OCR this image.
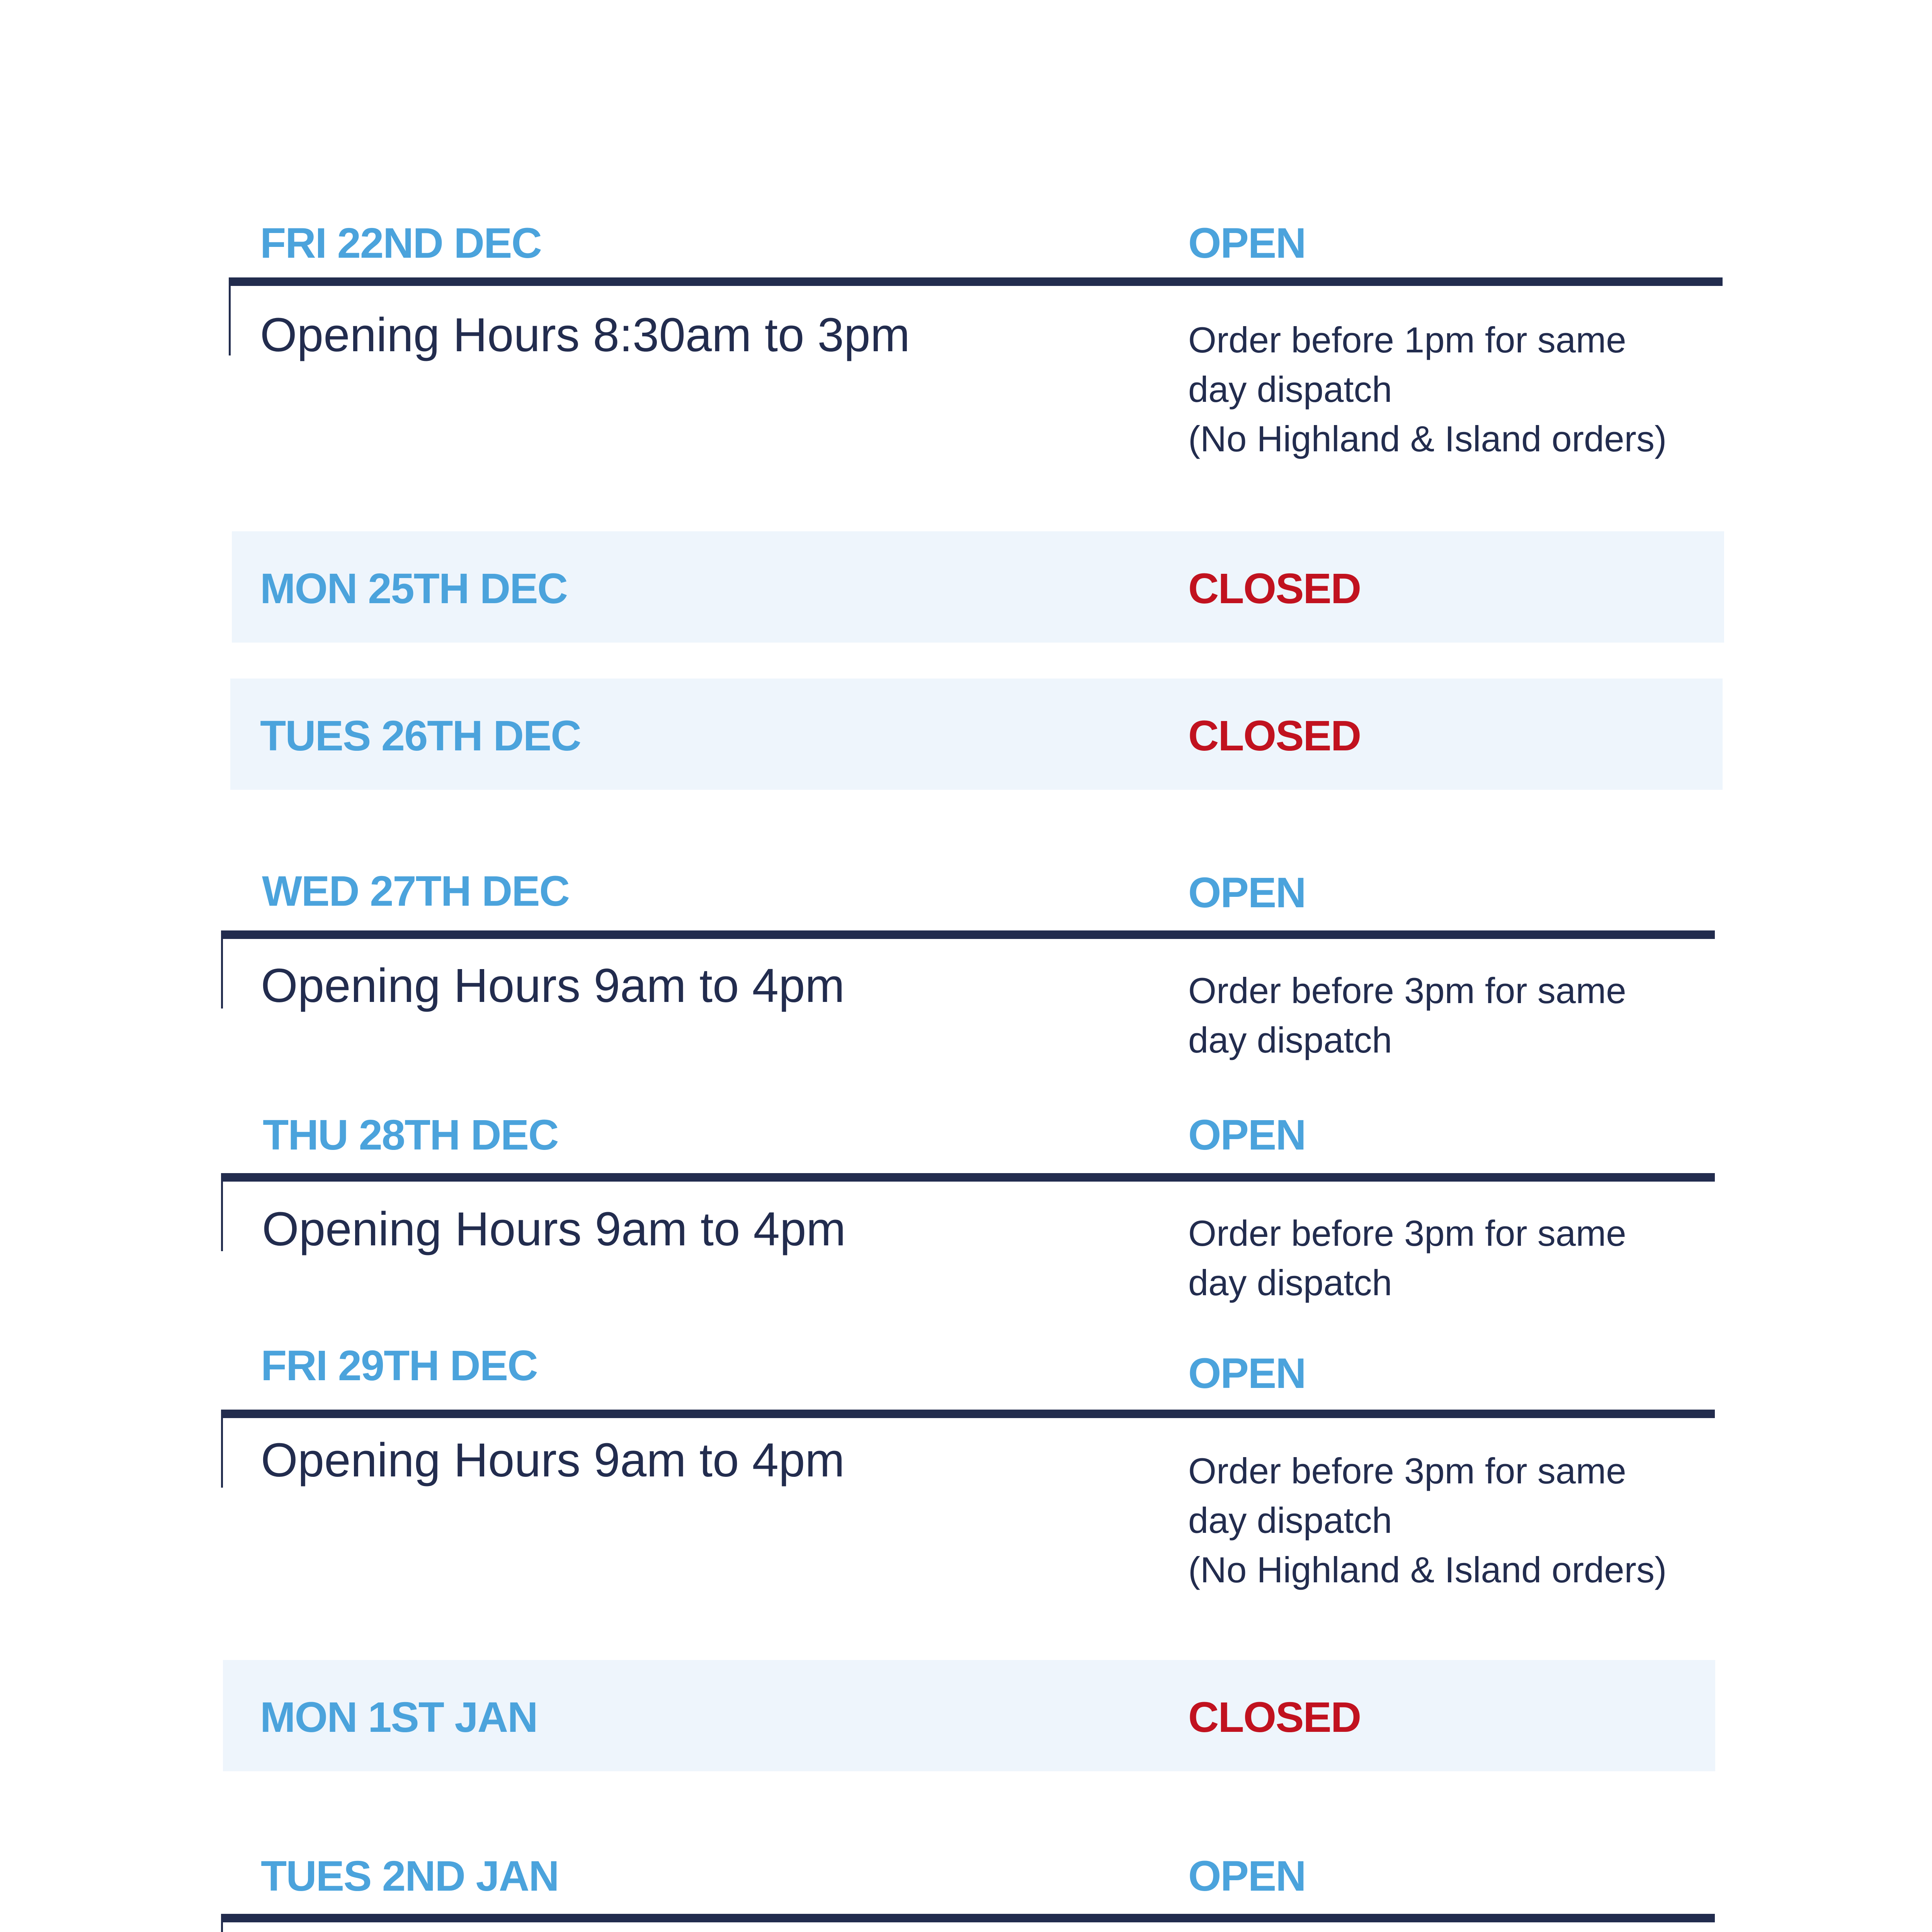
FRI 22ND DEC	OPEN
Opening Hours 8:30am to 3pm	Order before 1pm for same
day dispatch
(No Highland & Island orders)
MON 25TH DEC	CLOSED
TUES 26TH DEC	CLOSED
WED 27TH DEC	OPEN
Opening Hours 9am to 4pm	Order before 3pm for same
day dispatch
THU 28TH DEC	OPEN
Opening Hours 9am to 4pm	Order before 3pm for same
day dispatch
FRI 29TH DEC	OPEN
Opening Hours 9am to 4pm	Order before 3pm for same
day dispatch
(No Highland & Island orders)
MON 1ST JAN	CLOSED
TUES 2ND JAN	OPEN
